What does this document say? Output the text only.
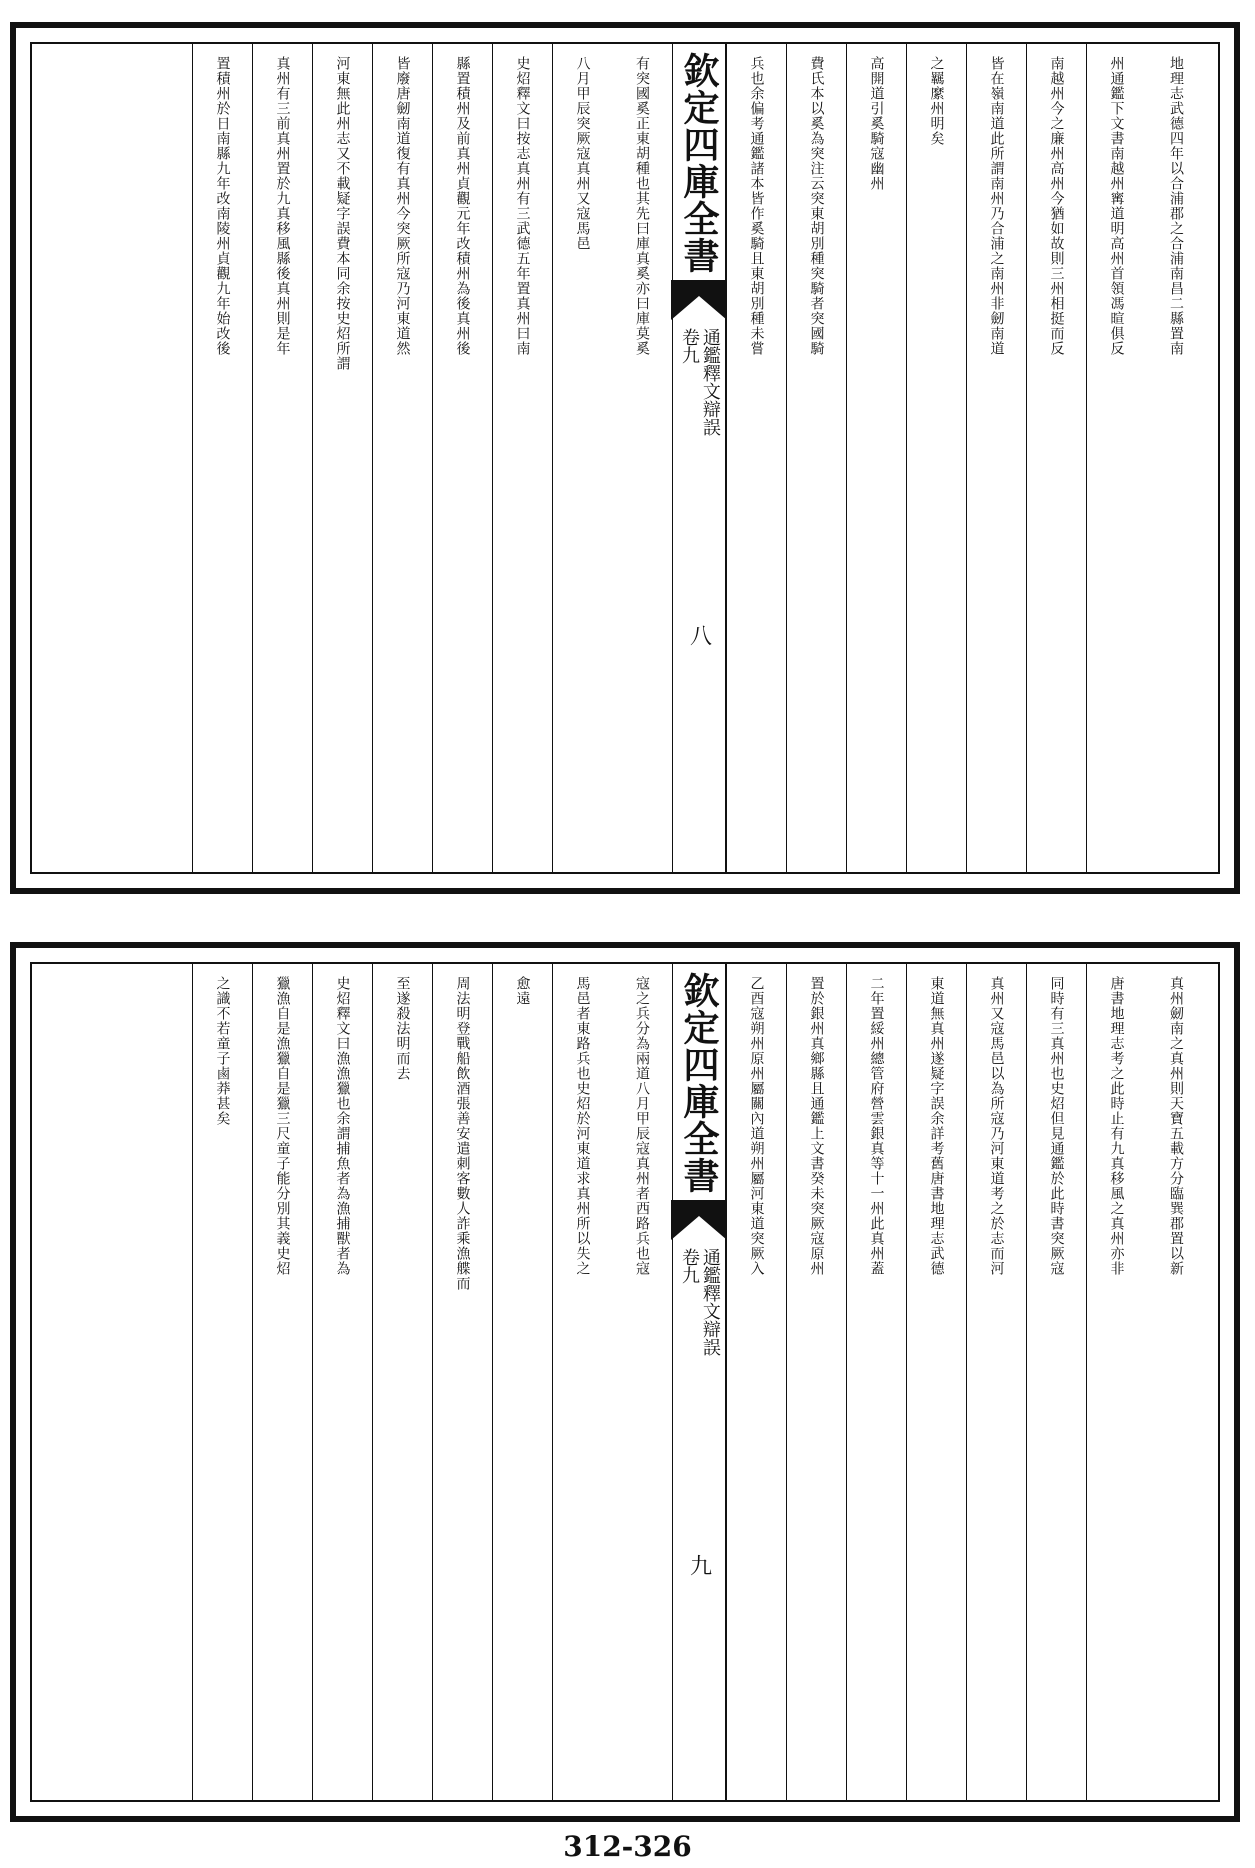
地理志武德四年以合浦郡之合浦南昌二縣置南
州通鑑下文書南越州寗道明高州首領馮暄俱反
南越州今之廉州高州今猶如故則三州相挺而反
皆在嶺南道此所謂南州乃合浦之南州非劒南道
之羈縻州明矣
高開道引奚騎寇幽州
費氏本以奚為突注云突東胡別種突騎者突國騎
兵也余偏考通鑑諸本皆作奚騎且東胡別種未嘗
欽定四庫全書
通鑑釋文辯誤
卷九
八
有突國奚正東胡種也其先曰庫真奚亦曰庫莫奚
八月甲辰突厥寇真州又寇馬邑
史炤釋文曰按志真州有三武德五年置真州曰南
縣置積州及前真州貞觀元年改積州為後真州後
皆廢唐劒南道復有真州今突厥所寇乃河東道然
河東無此州志又不載疑字誤費本同余按史炤所謂
真州有三前真州置於九真移風縣後真州則是年
置積州於日南縣九年改南陵州貞觀九年始改後
真州劒南之真州則天寶五載方分臨巽郡置以新
唐書地理志考之此時止有九真移風之真州亦非
同時有三真州也史炤但見通鑑於此時書突厥寇
真州又寇馬邑以為所寇乃河東道考之於志而河
東道無真州遂疑字誤余詳考舊唐書地理志武德
二年置綏州總管府營雲銀真等十一州此真州蓋
置於銀州真鄉縣且通鑑上文書癸未突厥寇原州
乙酉寇朔州原州屬關內道朔州屬河東道突厥入
欽定四庫全書
通鑑釋文辯誤
卷九
九
寇之兵分為兩道八月甲辰寇真州者西路兵也寇
馬邑者東路兵也史炤於河東道求真州所以失之
愈遠
周法明登戰船飲酒張善安遣刺客數人詐乘漁艓而
至遂殺法明而去
史炤釋文曰漁漁獵也余謂捕魚者為漁捕獸者為
獵漁自是漁獵自是獵三尺童子能分別其義史炤
之識不若童子鹵莽甚矣
312-326
